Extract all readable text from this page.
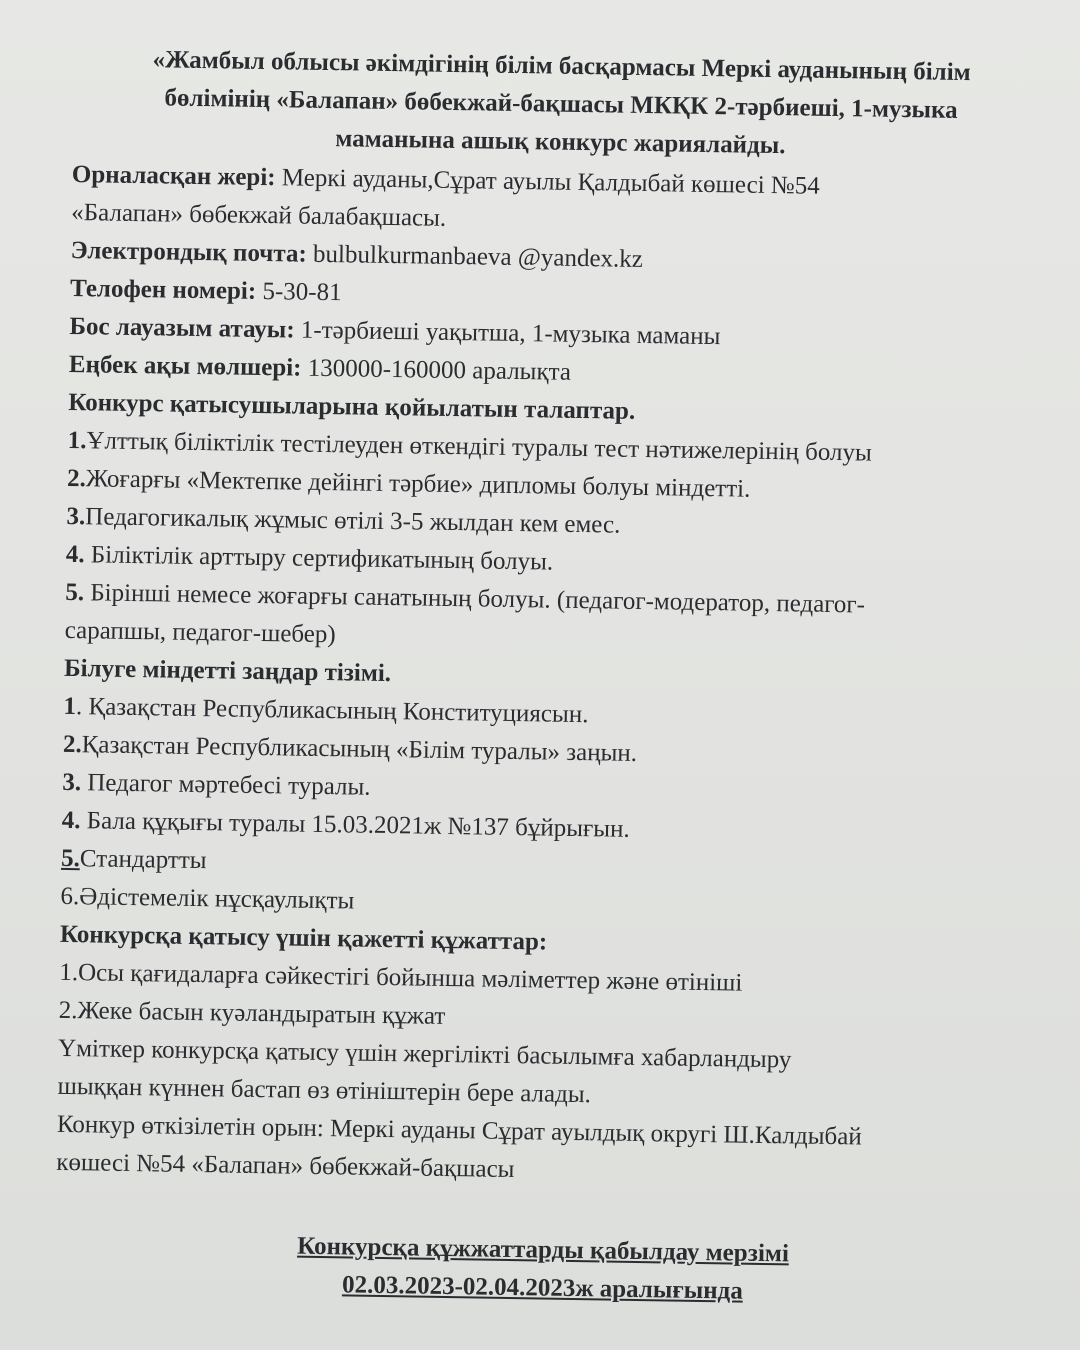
«Жамбыл облысы әкімдігінің білім басқармасы Меркі ауданының білім
бөлімінің «Балапан» бөбекжай-бақшасы МКҚК 2-тәрбиеші, 1-музыка
маманына ашық конкурс жариялайды.
Орналасқан жері: Меркі ауданы,Сұрат ауылы Қалдыбай көшесі №54
«Балапан» бөбекжай балабақшасы.
Электрондық почта: bulbulkurmanbaeva @yandex.kz
Телофен номері: 5-30-81
Бос лауазым атауы: 1-тәрбиеші уақытша, 1-музыка маманы
Еңбек ақы мөлшері: 130000-160000 аралықта
Конкурс қатысушыларына қойылатын талаптар.
1.Ұлттық біліктілік тестілеуден өткендігі туралы тест нәтижелерінің болуы
2.Жоғарғы «Мектепке дейінгі тәрбие» дипломы болуы міндетті.
3.Педагогикалық жұмыс өтілі 3-5 жылдан кем емес.
4. Біліктілік арттыру сертификатының болуы.
5. Бірінші немесе жоғарғы санатының болуы. (педагог-модератор, педагог-
сарапшы, педагог-шебер)
Білуге міндетті заңдар тізімі.
1. Қазақстан Республикасының Конституциясын.
2.Қазақстан Республикасының «Білім туралы» заңын.
3. Педагог мәртебесі туралы.
4. Бала құқығы туралы 15.03.2021ж №137 бұйрығын.
5.Стандартты
6.Әдістемелік нұсқаулықты
Конкурсқа қатысу үшін қажетті құжаттар:
1.Осы қағидаларға сәйкестігі бойынша мәліметтер және өтініші
2.Жеке басын куәландыратын құжат
Үміткер конкурсқа қатысу үшін жергілікті басылымға хабарландыру
шыққан күннен бастап өз өтініштерін бере алады.
Конкур өткізілетін орын: Меркі ауданы Сұрат ауылдық округі Ш.Калдыбай
көшесі №54 «Балапан» бөбекжай-бақшасы
Конкурсқа құжжаттарды қабылдау мерзімі
02.03.2023-02.04.2023ж аралығында
